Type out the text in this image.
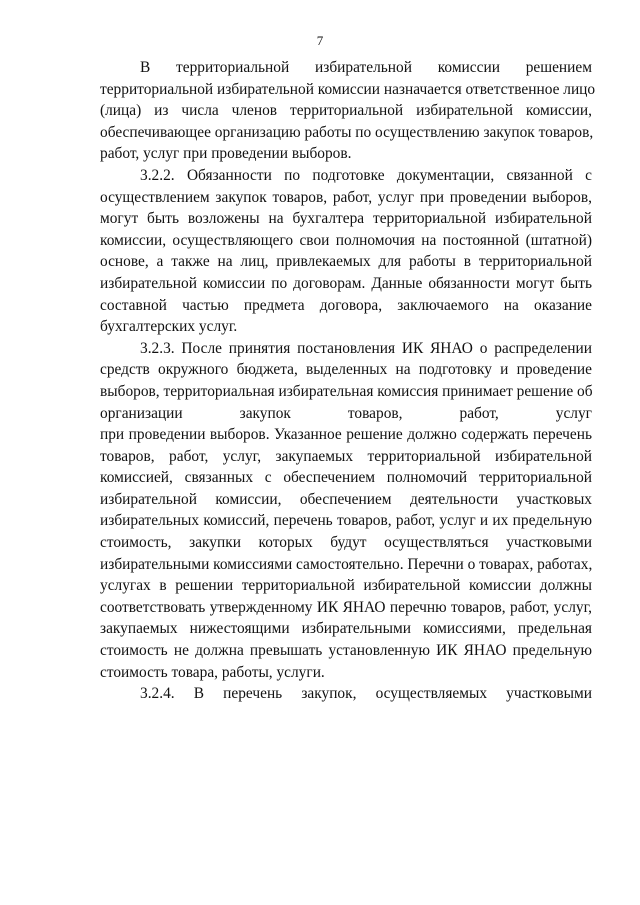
7
В территориальной избирательной комиссии решением
территориальной избирательной комиссии назначается ответственное лицо
(лица) из числа членов территориальной избирательной комиссии,
обеспечивающее организацию работы по осуществлению закупок товаров,
работ, услуг при проведении выборов.
3.2.2. Обязанности по подготовке документации, связанной с
осуществлением закупок товаров, работ, услуг при проведении выборов,
могут быть возложены на бухгалтера территориальной избирательной
комиссии, осуществляющего свои полномочия на постоянной (штатной)
основе, а также на лиц, привлекаемых для работы в территориальной
избирательной комиссии по договорам. Данные обязанности могут быть
составной частью предмета договора, заключаемого на оказание
бухгалтерских услуг.
3.2.3. После принятия постановления ИК ЯНАО о распределении
средств окружного бюджета, выделенных на подготовку и проведение
выборов, территориальная избирательная комиссия принимает решение об
организации	закупок	товаров,	работ,	услуг
при проведении выборов. Указанное решение должно содержать перечень
товаров, работ, услуг, закупаемых территориальной избирательной
комиссией, связанных с обеспечением полномочий территориальной
избирательной комиссии, обеспечением деятельности участковых
избирательных комиссий, перечень товаров, работ, услуг и их предельную
стоимость, закупки которых будут осуществляться участковыми
избирательными комиссиями самостоятельно. Перечни о товарах, работах,
услугах в решении территориальной избирательной комиссии должны
соответствовать утвержденному ИК ЯНАО перечню товаров, работ, услуг,
закупаемых нижестоящими избирательными комиссиями, предельная
стоимость не должна превышать установленную ИК ЯНАО предельную
стоимость товара, работы, услуги.
3.2.4. В перечень закупок, осуществляемых участковыми
